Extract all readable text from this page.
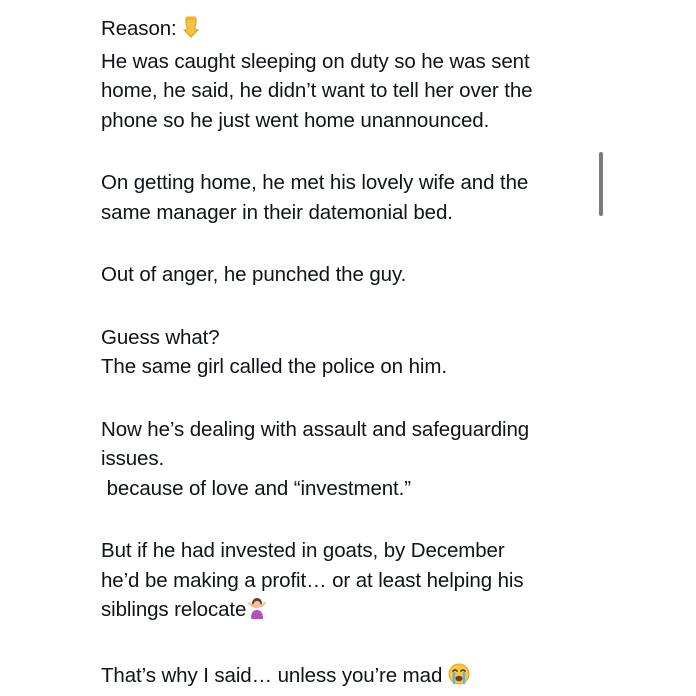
Reason:
He was caught sleeping on duty so he was sent
home, he said, he didn’t want to tell her over the
phone so he just went home unannounced.
On getting home, he met his lovely wife and the
same manager in their datemonial bed.
Out of anger, he punched the guy.
Guess what?
The same girl called the police on him.
Now he’s dealing with assault and safeguarding
issues.
because of love and “investment.”
But if he had invested in goats, by December
he’d be making a profit… or at least helping his
siblings relocate
That’s why I said… unless you’re mad
